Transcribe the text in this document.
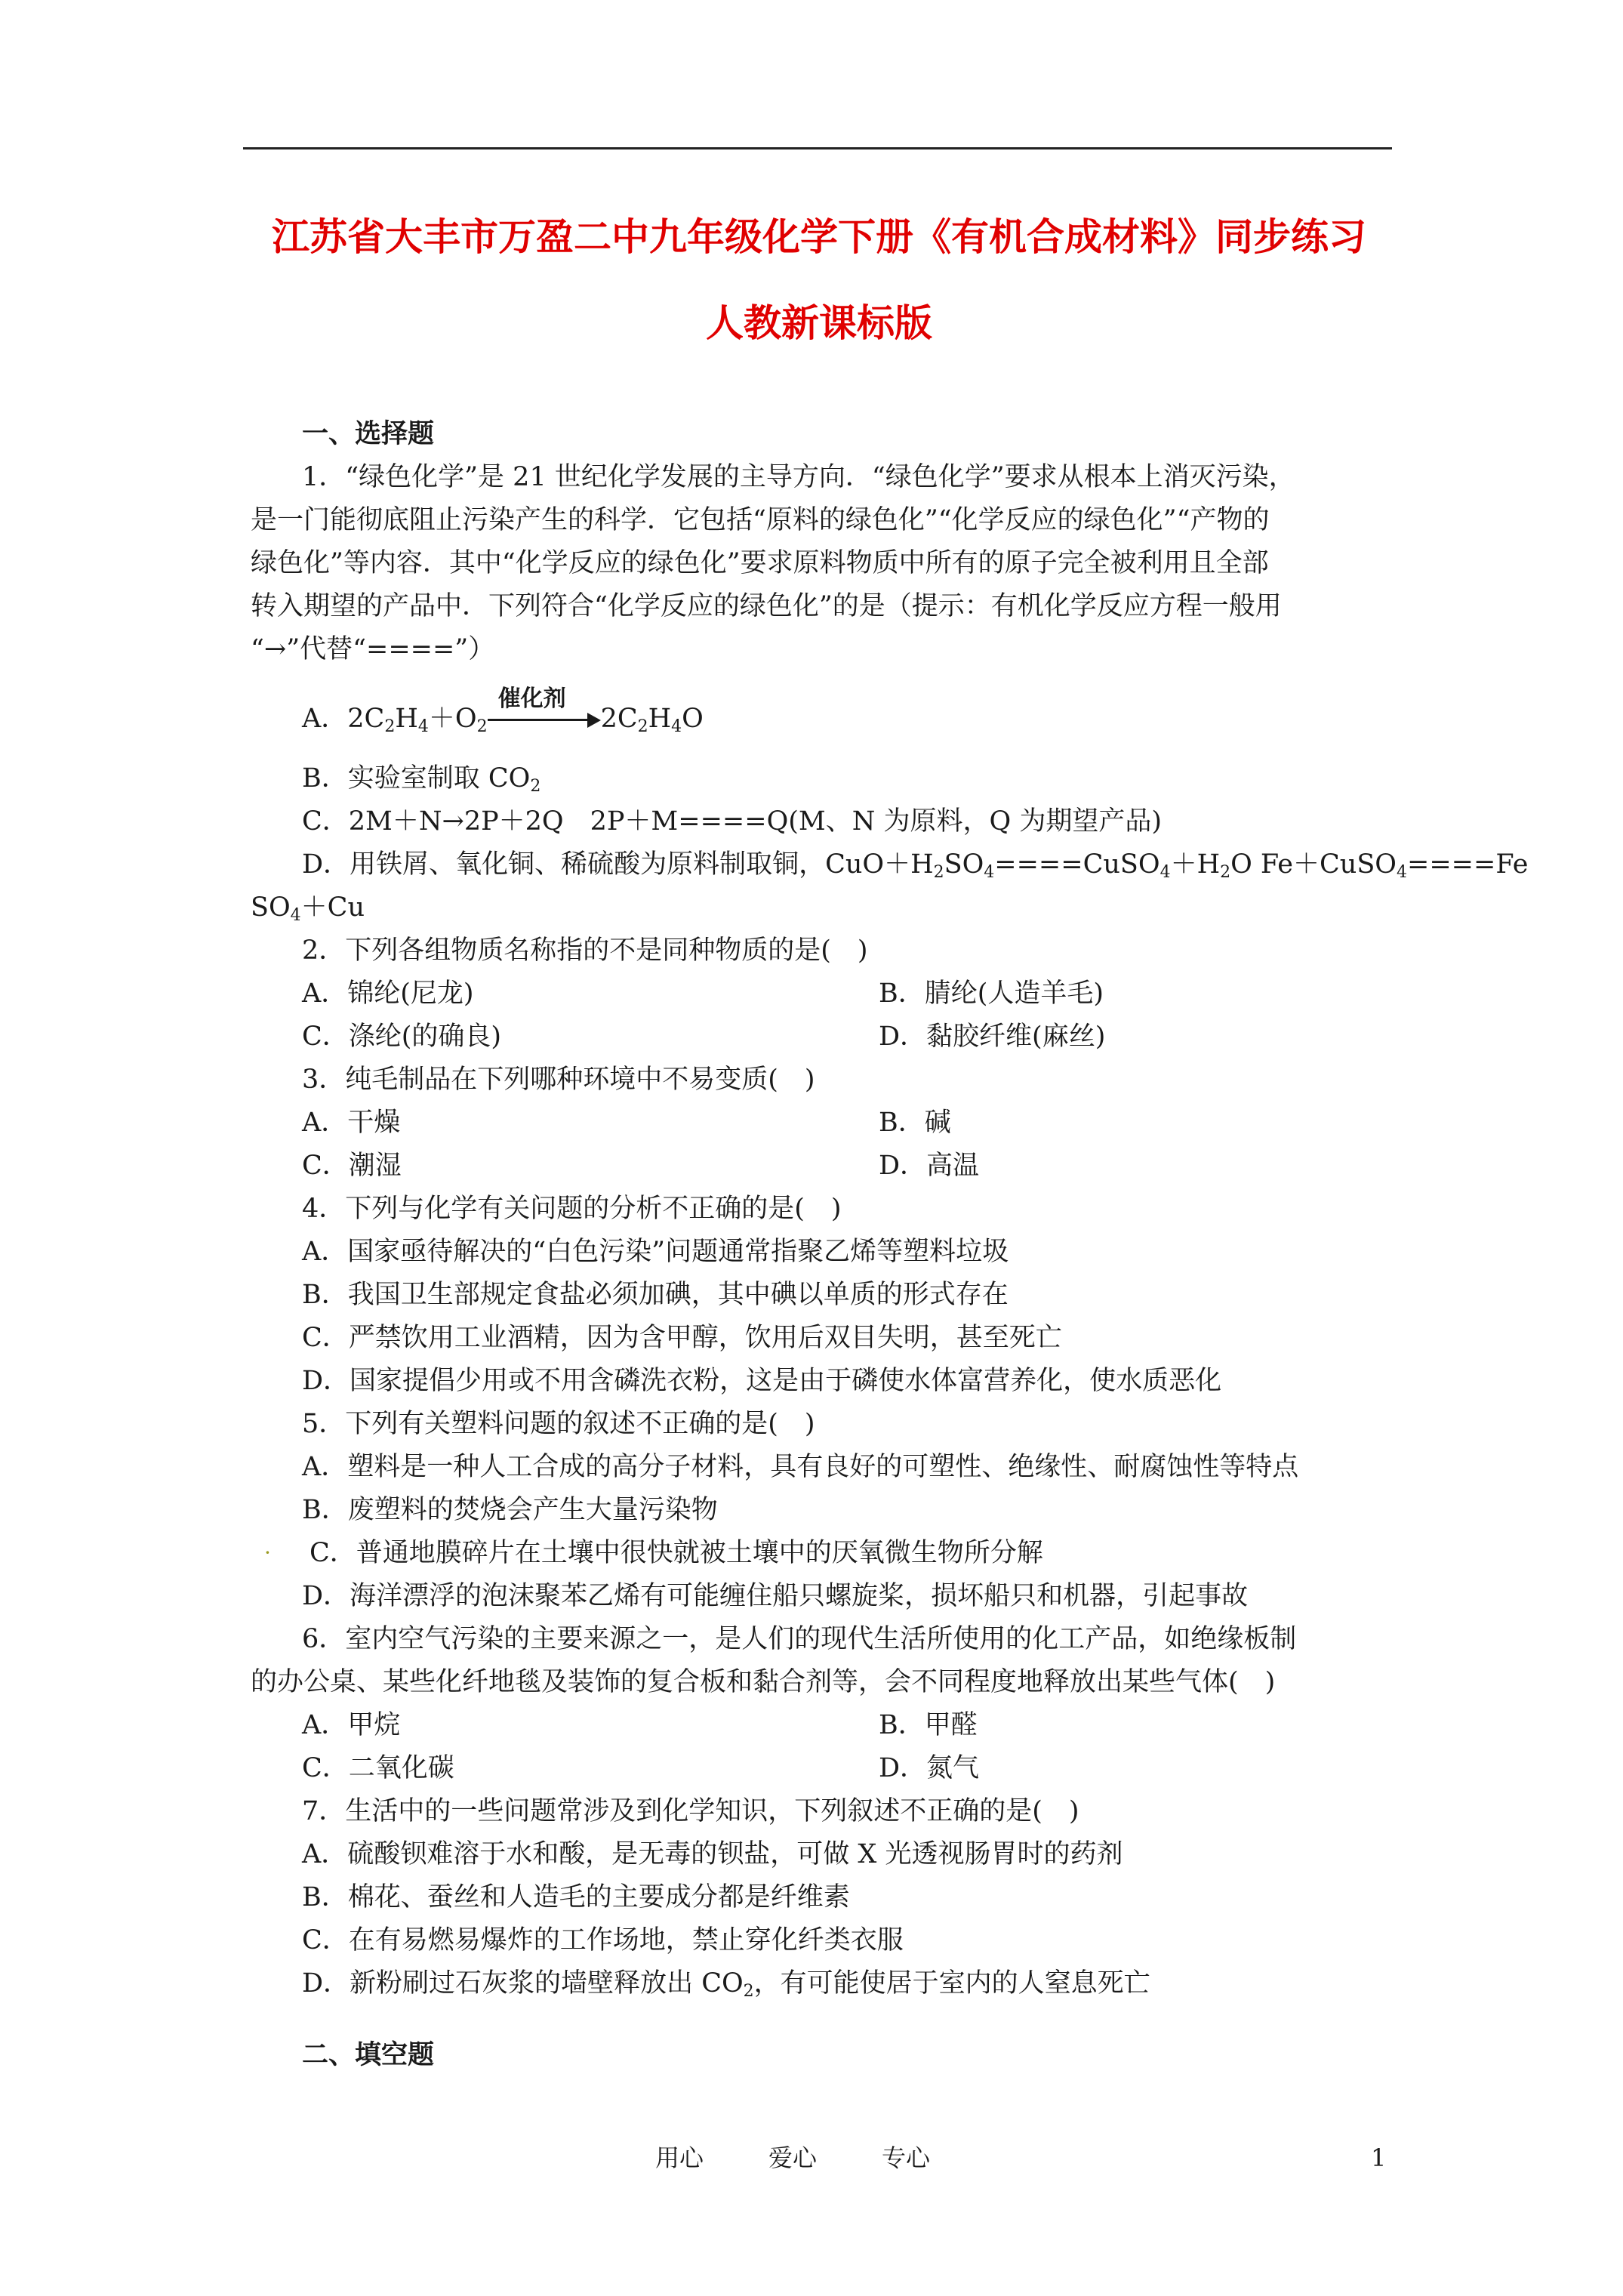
江苏省大丰市万盈二中九年级化学下册《有机合成材料》同步练习
人教新课标版
一、选择题
1．“绿色化学”是 21 世纪化学发展的主导方向．“绿色化学”要求从根本上消灭污染，
是一门能彻底阻止污染产生的科学．它包括“原料的绿色化”“化学反应的绿色化”“产物的
绿色化”等内容．其中“化学反应的绿色化”要求原料物质中所有的原子完全被利用且全部
转入期望的产品中．下列符合“化学反应的绿色化”的是（提示：有机化学反应方程一般用
“→”代替“====”）
A．$2C_2H_4+O_2$
催化剂
$2C_2H_4O$
B．实验室制取 $CO_2$
C．2M＋N→2P＋2Q　2P＋M====Q(M、N 为原料，Q 为期望产品)
D．用铁屑、氧化铜、稀硫酸为原料制取铜，$CuO+H_2SO_4====CuSO_4+H_2O$ Fe＋CuSO$_4$====Fe
$SO_4+Cu$
2．下列各组物质名称指的不是同种物质的是(　)
A．锦纶(尼龙)	B．腈纶(人造羊毛)
C．涤纶(的确良)	D．黏胶纤维(麻丝)
3．纯毛制品在下列哪种环境中不易变质(　)
A．干燥	B．碱
C．潮湿	D．高温
4．下列与化学有关问题的分析不正确的是(　)
A．国家亟待解决的“白色污染”问题通常指聚乙烯等塑料垃圾
B．我国卫生部规定食盐必须加碘，其中碘以单质的形式存在
C．严禁饮用工业酒精，因为含甲醇，饮用后双目失明，甚至死亡
D．国家提倡少用或不用含磷洗衣粉，这是由于磷使水体富营养化，使水质恶化
5．下列有关塑料问题的叙述不正确的是(　)
A．塑料是一种人工合成的高分子材料，具有良好的可塑性、绝缘性、耐腐蚀性等特点
B．废塑料的焚烧会产生大量污染物
· C．普通地膜碎片在土壤中很快就被土壤中的厌氧微生物所分解
D．海洋漂浮的泡沫聚苯乙烯有可能缠住船只螺旋桨，损坏船只和机器，引起事故
6．室内空气污染的主要来源之一，是人们的现代生活所使用的化工产品，如绝缘板制
的办公桌、某些化纤地毯及装饰的复合板和黏合剂等，会不同程度地释放出某些气体(　)
A．甲烷	B．甲醛
C．二氧化碳	D．氮气
7．生活中的一些问题常涉及到化学知识，下列叙述不正确的是(　)
A．硫酸钡难溶于水和酸，是无毒的钡盐，可做 X 光透视肠胃时的药剂
B．棉花、蚕丝和人造毛的主要成分都是纤维素
C．在有易燃易爆炸的工作场地，禁止穿化纤类衣服
D．新粉刷过石灰浆的墙壁释放出 $CO_2$，有可能使居于室内的人窒息死亡
二、填空题
用心	爱心	专心	1
